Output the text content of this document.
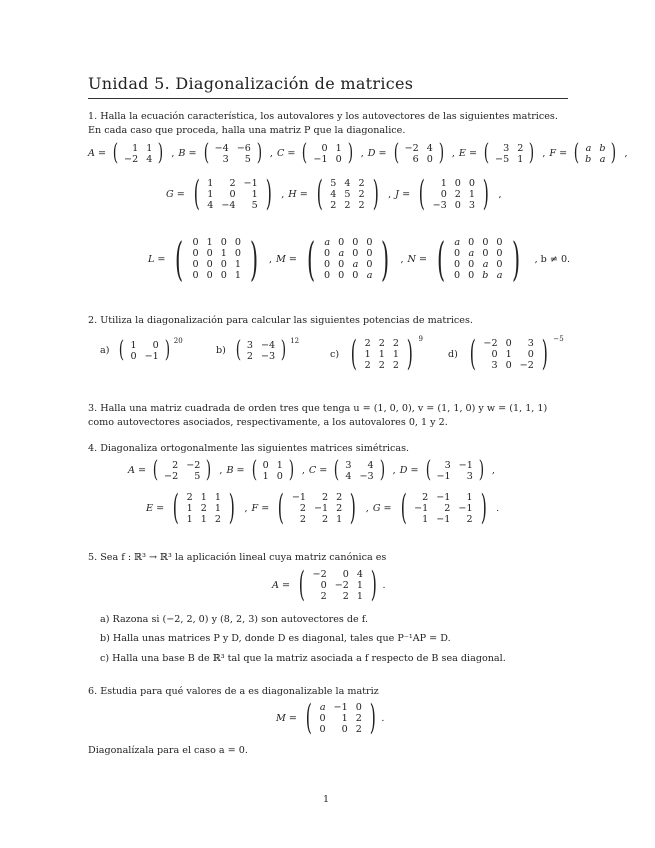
Unidad 5. Diagonalización de matrices
1. Halla la ecuación característica, los autovalores y los autovectores de las siguientes matrices. En cada caso que proceda, halla una matriz P que la diagonalice.
A = ( 1	1
−2	4 ) , B = ( −4	−6
3	5 ) , C = ( 0	1
−1	0 ) , D = ( −2	4
6	0 ) , E = ( 3	2
−5	1 ) , F = ( a	b
b	a ) ,
G = ( 1	2	−1
1	0	1
4	−4	5 ) , H = ( 5	4	2
4	5	2
2	2	2 ) , J = ( 1	0	0
0	2	1
−3	0	3 ) ,
L = ( 0	1	0	0
0	0	1	0
0	0	0	1
0	0	0	1 ) , M = ( a	0	0	0
0	a	0	0
0	0	a	0
0	0	0	a ) , N = ( a	0	0	0
0	a	0	0
0	0	a	0
0	0	b	a ) , b ≠ 0.
2. Utiliza la diagonalización para calcular las siguientes potencias de matrices.
a) ( 1	0
0	−1 ) 20
b) ( 3	−4
2	−3 ) 12
c) ( 2	2	2
1	1	1
2	2	2 ) 9
d) ( −2	0	3
0	1	0
3	0	−2 ) −5
3. Halla una matriz cuadrada de orden tres que tenga u = (1, 0, 0), v = (1, 1, 0) y w = (1, 1, 1) como autovectores asociados, respectivamente, a los autovalores 0, 1 y 2.
4. Diagonaliza ortogonalmente las siguientes matrices simétricas.
A = ( 2	−2
−2	5 ) , B = ( 0	1
1	0 ) , C = ( 3	4
4	−3 ) , D = ( 3	−1
−1	3 ) ,
E = ( 2	1	1
1	2	1
1	1	2 ) , F = ( −1	2	2
2	−1	2
2	2	1 ) , G = ( 2	−1	1
−1	2	−1
1	−1	2 ) .
5. Sea f : ℝ³ → ℝ³ la aplicación lineal cuya matriz canónica es
A = ( −2	0	4
0	−2	1
2	2	1 ) .
a) Razona si (−2, 2, 0) y (8, 2, 3) son autovectores de f.
b) Halla unas matrices P y D, donde D es diagonal, tales que P⁻¹AP = D.
c) Halla una base B de ℝ³ tal que la matriz asociada a f respecto de B sea diagonal.
6. Estudia para qué valores de a es diagonalizable la matriz
M = ( a	−1	0
0	1	2
0	0	2 ) .
Diagonalízala para el caso a = 0.
1
